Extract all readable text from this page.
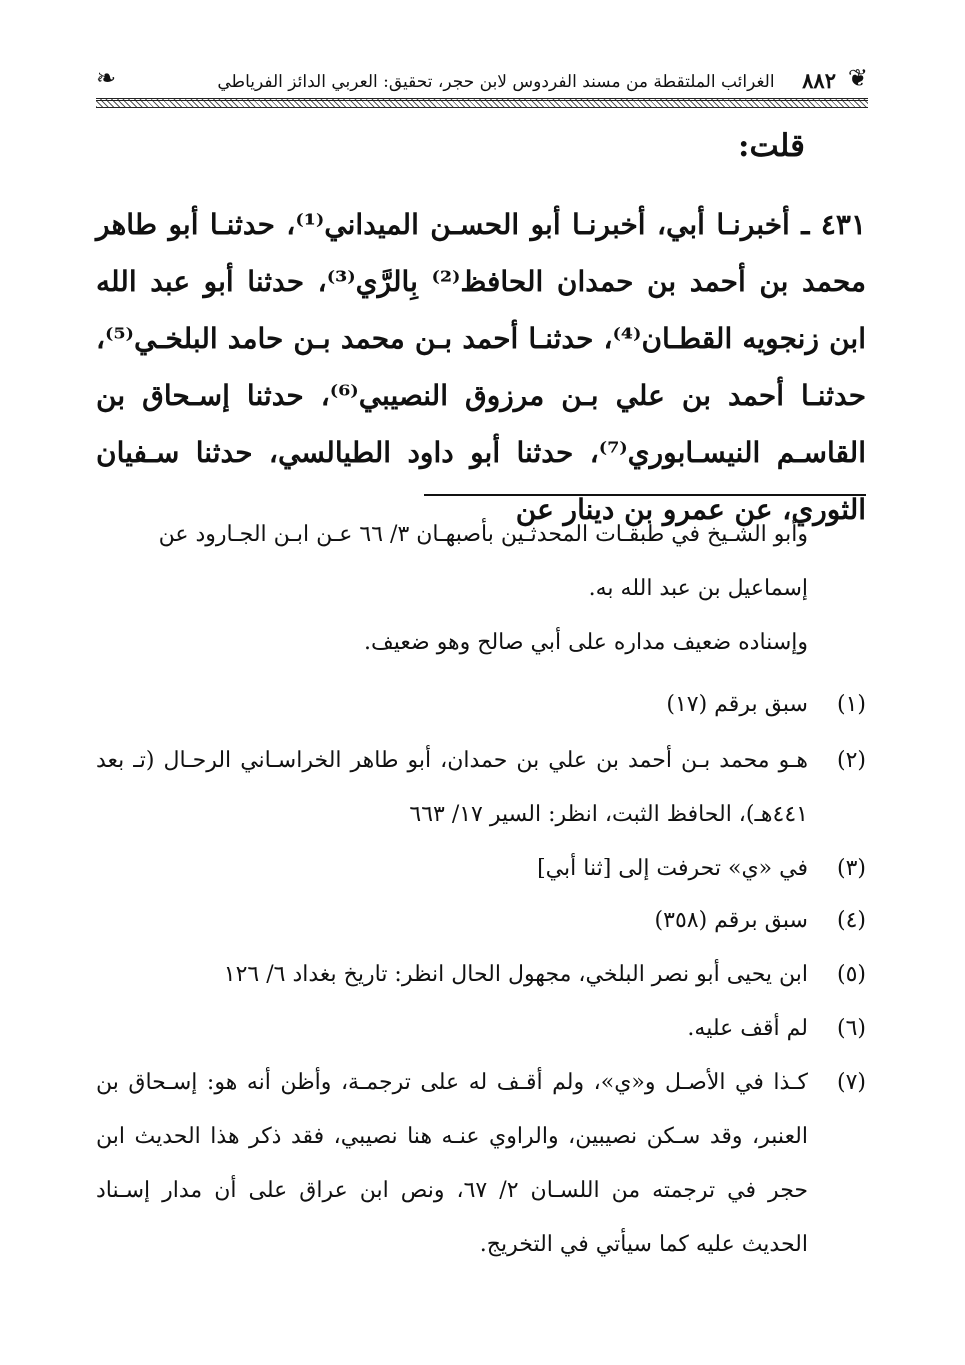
❦
٨٨٢
الغرائب الملتقطة من مسند الفردوس لابن حجر، تحقيق: العربي الدائز الفرياطي
❧
قلت:
٤٣١ ـ أخبرنـا أبي، أخبرنـا أبو الحسـن الميداني⁽¹⁾، حدثنـا أبو طاهر محمد بن أحمد بن حمدان الحافظ⁽²⁾ بِالرَّي⁽³⁾، حدثنا أبو عبد الله ابن زنجويه القطـان⁽⁴⁾، حدثنـا أحمد بـن محمد بـن حامد البلخـي⁽⁵⁾، حدثنـا أحمد بن علي بـن مرزوق النصيبي⁽⁶⁾، حدثنا إسـحاق بن القاسـم النيسـابوري⁽⁷⁾، حدثنا أبو داود الطيالسي، حدثنا سـفيان الثوري، عن عمرو بن دينار عن
وأبو الشـيخ في طبقـات المحدثـين بأصبهـان ٣/ ٦٦ عـن ابـن الجـارود عن
إسماعيل بن عبد الله به.
وإسناده ضعيف مداره على أبي صالح وهو ضعيف.
(١)
سبق برقم (١٧)
(٢)
هـو محمد بـن أحمد بن علي بن حمدان، أبو طاهر الخراسـاني الرحـال (تـ بعد ٤٤١هـ)، الحافظ الثبت، انظر: السير ١٧/ ٦٦٣
(٣)
في «ي» تحرفت إلى [ثنا أبي]
(٤)
سبق برقم (٣٥٨)
(٥)
ابن يحيى أبو نصر البلخي، مجهول الحال انظر: تاريخ بغداد ٦/ ١٢٦
(٦)
لم أقف عليه.
(٧)
كـذا في الأصـل و«ي»، ولم أقـف له على ترجمـة، وأظن أنه هو: إسـحاق بن العنبر، وقد سـكن نصيبين، والراوي عنـه هنا نصيبي، فقد ذكر هذا الحديث ابن حجر في ترجمته من اللسـان ٢/ ٦٧، ونص ابن عراق على أن مدار إسـناد الحديث عليه كما سيأتي في التخريج.
